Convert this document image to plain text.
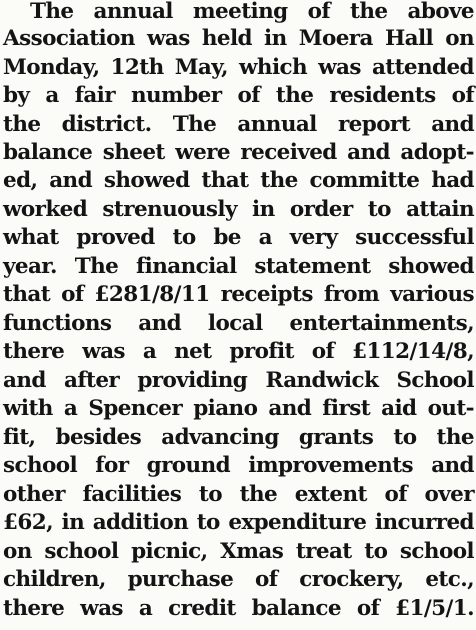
The annual meeting of the above
Association was held in Moera Hall on
Monday, 12th May, which was attended
by a fair number of the residents of
the district. The annual report and
balance sheet were received and adopt-
ed, and showed that the committe had
worked strenuously in order to attain
what proved to be a very successful
year. The financial statement showed
that of £281/8/11 receipts from various
functions and local entertainments,
there was a net profit of £112/14/8,
and after providing Randwick School
with a Spencer piano and first aid out-
fit, besides advancing grants to the
school for ground improvements and
other facilities to the extent of over
£62, in addition to expenditure incurred
on school picnic, Xmas treat to school
children, purchase of crockery, etc.,
there was a credit balance of £1/5/1.
